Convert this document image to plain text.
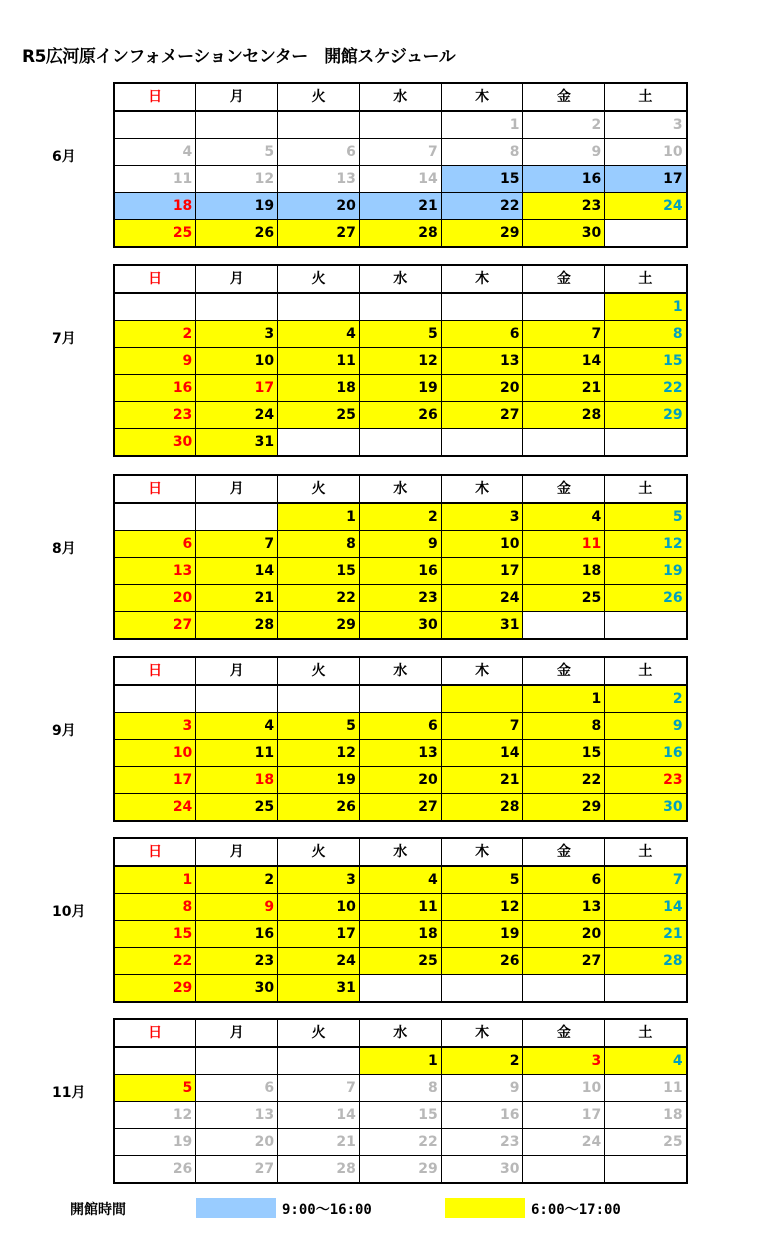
R5広河原インフォメーションセンター　開館スケジュール
6月
日	月	火	水	木	金	土
				1	2	3
4	5	6	7	8	9	10
11	12	13	14	15	16	17
18	19	20	21	22	23	24
25	26	27	28	29	30	
7月
日	月	火	水	木	金	土
						1
2	3	4	5	6	7	8
9	10	11	12	13	14	15
16	17	18	19	20	21	22
23	24	25	26	27	28	29
30	31					
8月
日	月	火	水	木	金	土
		1	2	3	4	5
6	7	8	9	10	11	12
13	14	15	16	17	18	19
20	21	22	23	24	25	26
27	28	29	30	31		
9月
日	月	火	水	木	金	土
					1	2
3	4	5	6	7	8	9
10	11	12	13	14	15	16
17	18	19	20	21	22	23
24	25	26	27	28	29	30
10月
日	月	火	水	木	金	土
1	2	3	4	5	6	7
8	9	10	11	12	13	14
15	16	17	18	19	20	21
22	23	24	25	26	27	28
29	30	31				
11月
日	月	火	水	木	金	土
			1	2	3	4
5	6	7	8	9	10	11
12	13	14	15	16	17	18
19	20	21	22	23	24	25
26	27	28	29	30		
開館時間	9:00～16:00	6:00～17:00
